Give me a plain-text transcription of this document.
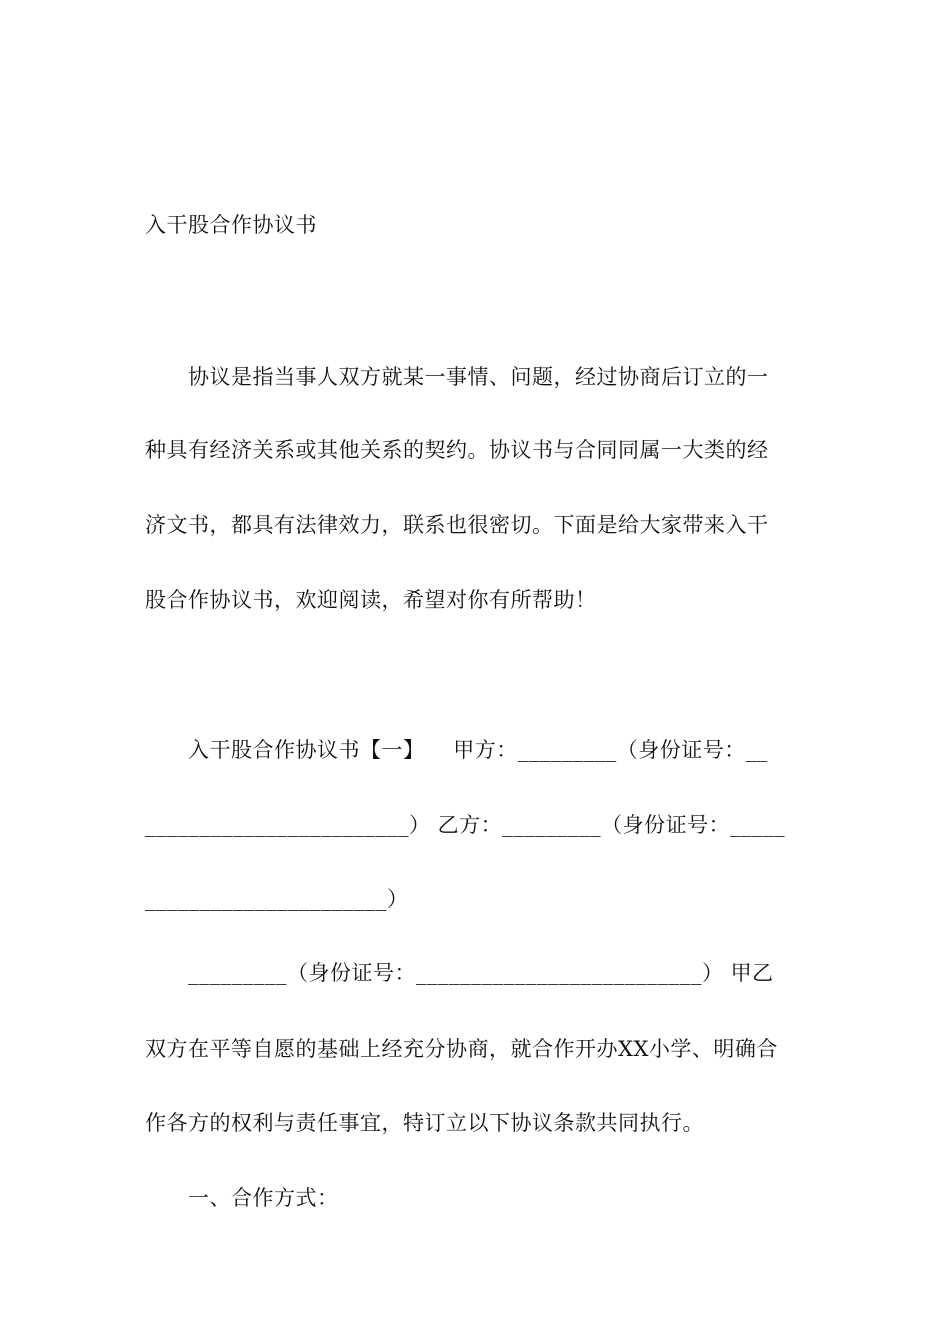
入干股合作协议书
协议是指当事人双方就某一事情、问题，经过协商后订立的一
种具有经济关系或其他关系的契约。协议书与合同同属一大类的经
济文书，都具有法律效力，联系也很密切。下面是给大家带来入干
股合作协议书，欢迎阅读，希望对你有所帮助！
入干股合作协议书【一】    甲方：_________（身份证号：__
________________________） 乙方：_________（身份证号：_____
______________________）
_________（身份证号：__________________________） 甲乙
双方在平等自愿的基础上经充分协商，就合作开办XX小学、明确合
作各方的权利与责任事宜，特订立以下协议条款共同执行。
一、合作方式：
